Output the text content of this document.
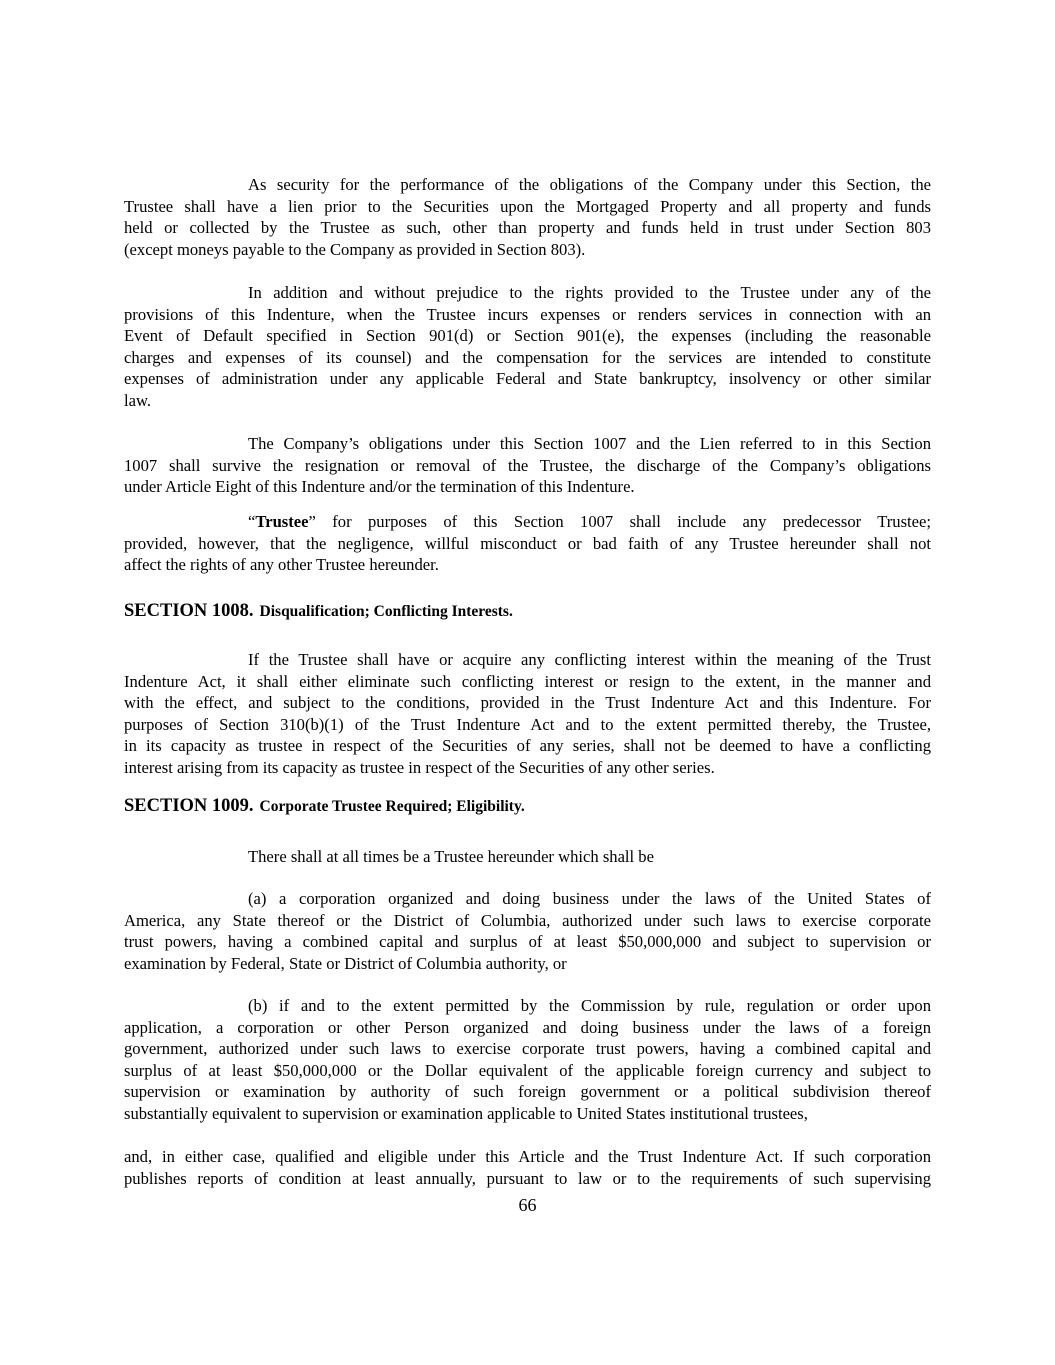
As security for the performance of the obligations of the Company under this Section, the
Trustee shall have a lien prior to the Securities upon the Mortgaged Property and all property and funds
held or collected by the Trustee as such, other than property and funds held in trust under Section 803
(except moneys payable to the Company as provided in Section 803).
In addition and without prejudice to the rights provided to the Trustee under any of the
provisions of this Indenture, when the Trustee incurs expenses or renders services in connection with an
Event of Default specified in Section 901(d) or Section 901(e), the expenses (including the reasonable
charges and expenses of its counsel) and the compensation for the services are intended to constitute
expenses of administration under any applicable Federal and State bankruptcy, insolvency or other similar
law.
The Company’s obligations under this Section 1007 and the Lien referred to in this Section
1007 shall survive the resignation or removal of the Trustee, the discharge of the Company’s obligations
under Article Eight of this Indenture and/or the termination of this Indenture.
“Trustee” for purposes of this Section 1007 shall include any predecessor Trustee;
provided, however, that the negligence, willful misconduct or bad faith of any Trustee hereunder shall not
affect the rights of any other Trustee hereunder.
SECTION 1008. Disqualification; Conflicting Interests.
If the Trustee shall have or acquire any conflicting interest within the meaning of the Trust
Indenture Act, it shall either eliminate such conflicting interest or resign to the extent, in the manner and
with the effect, and subject to the conditions, provided in the Trust Indenture Act and this Indenture. For
purposes of Section 310(b)(1) of the Trust Indenture Act and to the extent permitted thereby, the Trustee,
in its capacity as trustee in respect of the Securities of any series, shall not be deemed to have a conflicting
interest arising from its capacity as trustee in respect of the Securities of any other series.
SECTION 1009. Corporate Trustee Required; Eligibility.
There shall at all times be a Trustee hereunder which shall be
(a) a corporation organized and doing business under the laws of the United States of
America, any State thereof or the District of Columbia, authorized under such laws to exercise corporate
trust powers, having a combined capital and surplus of at least $50,000,000 and subject to supervision or
examination by Federal, State or District of Columbia authority, or
(b) if and to the extent permitted by the Commission by rule, regulation or order upon
application, a corporation or other Person organized and doing business under the laws of a foreign
government, authorized under such laws to exercise corporate trust powers, having a combined capital and
surplus of at least $50,000,000 or the Dollar equivalent of the applicable foreign currency and subject to
supervision or examination by authority of such foreign government or a political subdivision thereof
substantially equivalent to supervision or examination applicable to United States institutional trustees,
and, in either case, qualified and eligible under this Article and the Trust Indenture Act. If such corporation
publishes reports of condition at least annually, pursuant to law or to the requirements of such supervising
66
